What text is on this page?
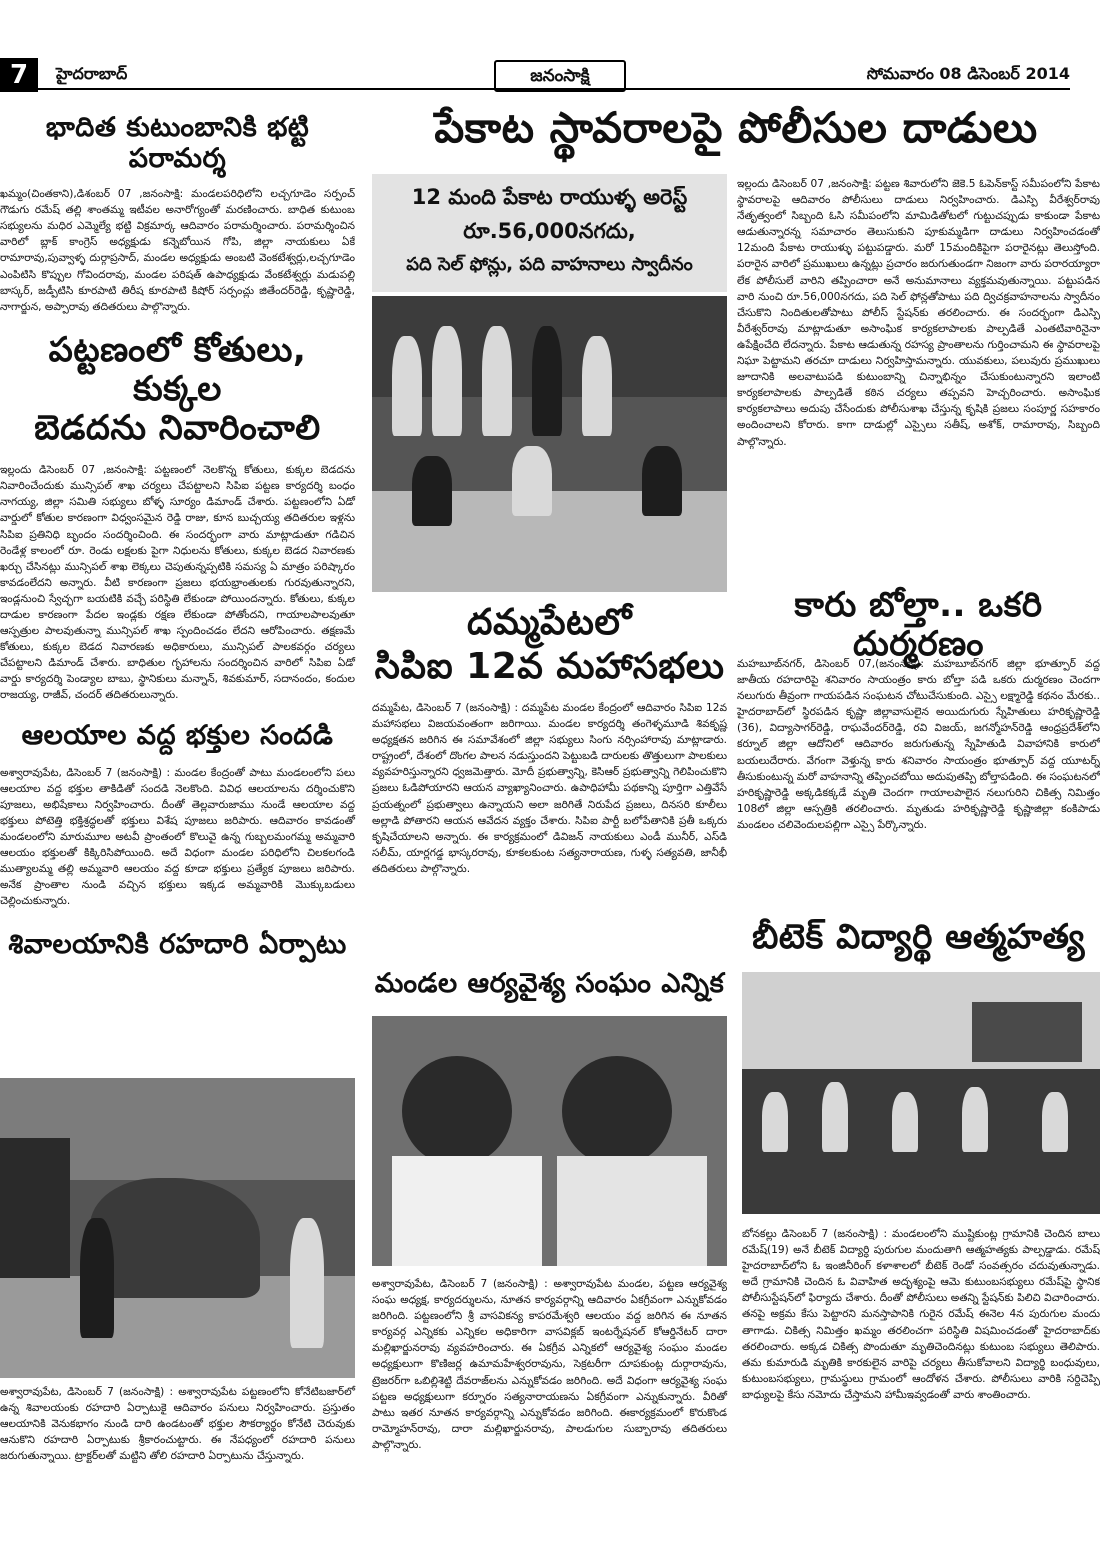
7	హైదరాబాద్	జనంసాక్షి	సోమవారం 08 డిసెంబర్ 2014
పేకాట స్థావరాలపై పోలీసుల దాడులు
భాదిత కుటుంబానికి భట్టి పరామర్శ

ఖమ్మం(చింతకాని),డిశంబర్ 07 ,జనంసాక్షి: మండలపరిధిలోని లచ్చగూడెం సర్పంచ్ గౌడుగు రమేష్ తల్లి శాంతమ్మ ఇటీవల అనారోగ్యంతో మరణించారు. బాధిత కుటుంబ సభ్యులను మధిర ఎమ్మెల్యే భట్టి విక్రమార్క ఆదివారం పరామర్శించారు. పరామర్శించిన వారిలో బ్లాక్ కాంగ్రెస్ అధ్యక్షుడు కన్నెబోయిన గోపి, జిల్లా నాయకులు ఏకే రామారావు,పువ్వాళ్ళ దుర్గాప్రసాద్, మండల అధ్యక్షుడు అంబటి వెంకటేశ్వర్లు,లచ్చగూడెం ఎంపిటిసి కొప్పుల గోవిందరావు, మండల పరిషత్ ఉపాధ్యక్షుడు వేంకటేశ్వర్లు మడుపల్లి బాస్కర్, జడ్పీటిసి కూరపాటి తిరీష కూరపాటి కిషోర్ సర్పంచ్లు జితేందర్‌రెడ్డి, కృష్ణారెడ్డి, నాగార్జున, అప్పారావు తదితరులు పాల్గొన్నారు.

పట్టణంలో కోతులు, కుక్కల
బెడదను నివారించాలి

ఇల్లందు డిసెంబర్ 07 ,జనంసాక్షి: పట్టణంలో నెలకొన్న కోతులు, కుక్కల బెడదను నివారించేందుకు మున్సిపల్ శాఖ చర్యలు చేపట్టాలని సిపిఐ పట్టణ కార్యదర్శి బంధం నాగయ్య, జిల్లా సమితి సభ్యులు బోళ్ళ సూర్యం డిమాండ్ చేశారు. పట్టణంలోని ఏడో వార్డులో కోతుల కారణంగా విధ్వంసమైన రెడ్డి రాజు, కూన బుచ్చయ్య తదితరుల ఇళ్లను సిపిఐ ప్రతినిధి బృందం సందర్శించింది. ఈ సందర్భంగా వారు మాట్లాడుతూ గడిచిన రెండేళ్ల కాలంలో రూ. రెండు లక్షలకు పైగా నిధులను కోతులు, కుక్కల బెడద నివారణకు ఖర్చు చేసినట్లు మున్సిపల్ శాఖ లెక్కలు చెపుతున్నప్పటికి సమస్య ఏ మాత్రం పరిష్కారం కావడంలేదని అన్నారు. వీటి కారణంగా ప్రజలు భయభ్రాంతులకు గురవుతున్నారని, ఇండ్లనుంచి స్వేచ్ఛగా బయటికి వచ్చే పరిస్థితి లేకుండా పోయిందన్నారు. కోతులు, కుక్కల దాడుల కారణంగా పేదల ఇండ్లకు రక్షణ లేకుండా పోతోందని, గాయాలపాలవుతూ ఆస్పత్రుల పాలవుతున్నా మున్సిపల్ శాఖ స్పందించడం లేదని ఆరోపించారు. తక్షణమే కోతులు, కుక్కల బెడద నివారణకు అధికారులు, మున్సిపల్ పాలకవర్గం చర్యలు చేపట్టాలని డిమాండ్ చేశారు. బాధితుల గృహాలను సందర్శించిన వారిలో సిపిఐ ఏడో వార్డు కార్యదర్శి పెండ్యాల బాబు, స్థానికులు మన్నాన్, శివకుమార్, సదానందం, కందుల రాజయ్య, రాజీవ్, చందర్ తదితరులున్నారు.

ఆలయాల వద్ద భక్తుల సందడి

అశ్వారావుపేట, డిసెంబర్ 7 (జనంసాక్షి) : మండల కేంద్రంతో పాటు మండలంలోని పలు ఆలయాల వద్ద భక్తుల తాకిడితో సందడి నెలకొంది. వివిధ ఆలయాలను దర్శించుకొని పూజలు, అభిషేకాలు నిర్వహించారు. దీంతో తెల్లవారుజాము నుండే ఆలయాల వద్ద భక్తులు పోటెత్తి భక్తిశ్రద్ధలతో భక్తులు విశేష పూజలు జరిపారు. ఆదివారం కావడంతో మండలంలోని మారుమూల అటవీ ప్రాంతంలో కొలువై ఉన్న గుబ్బలమంగమ్మ అమ్మవారి ఆలయం భక్తులతో కిక్కిరిసిపోయింది. అదే విధంగా మండల పరిధిలోని చిలకలగండి ముత్యాలమ్మ తల్లి అమ్మవారి ఆలయం వద్ద కూడా భక్తులు ప్రత్యేక పూజలు జరిపారు. అనేక ప్రాంతాల నుండి వచ్చిన భక్తులు ఇక్కడ అమ్మవారికి మొక్కుబడులు చెల్లించుకున్నారు.

శివాలయానికి రహదారి ఏర్పాటు

అశ్వారావుపేట, డిసెంబర్ 7 (జనంసాక్షి) : అశ్వారావుపేట పట్టణంలోని కోనేటిబజార్‌లో ఉన్న శివాలయంకు రహదారి ఏర్పాటుకై ఆదివారం పనులు నిర్వహించారు. ప్రస్తుతం ఆలయానికి వెనుకభాగం నుండి దారి ఉండటంతో భక్తుల సౌకర్యార్థం కోనేటి చెరువుకు ఆనుకొని రహదారి ఏర్పాటుకు శ్రీకారంచుట్టారు. ఈ నేపధ్యంలో రహదారి పనులు జరుగుతున్నాయి. ట్రాక్టర్‌లతో మట్టిని తోలి రహదారి ఏర్పాటును చేస్తున్నారు.

12 మంది పేకాట రాయుళ్ళ అరెస్ట్
రూ.56,000నగదు,
పది సెల్ ఫోన్లు, పది వాహనాలు స్వాదీనం
దమ్మపేటలో
సిపిఐ 12వ మహాసభలు

దమ్మపేట, డిసెంబర్ 7 (జనంసాక్షి) : దమ్మపేట మండల కేంద్రంలో ఆదివారం సిపిఐ 12వ మహాసభలు విజయవంతంగా జరిగాయి. మండల కార్యదర్శి తంగెళ్ళమూడి శివకృష్ణ అధ్యక్షతన జరిగిన ఈ సమావేశంలో జిల్లా సభ్యులు సింగు నర్సింహారావు మాట్లాడారు. రాష్ట్రంలో, దేశంలో దొంగల పాలన నడుస్తుందని పెట్టుబడి దారులకు తొత్తులుగా పాలకులు వ్యవహరిస్తున్నారని ధ్వజమెత్తారు. మోదీ ప్రభుత్వాన్ని, కెసిఆర్ ప్రభుత్వాన్ని గెలిపించుకొని ప్రజలు ఓడిపోయారని ఆయన వ్యాఖ్యానించారు. ఉపాధిహామీ పథకాన్ని పూర్తిగా ఎత్తివేసే ప్రయత్నంలో ప్రభుత్వాలు ఉన్నాయని అలా జరిగితే నిరుపేద ప్రజలు, దినసరి కూలీలు అల్లాడి పోతారని ఆయన ఆవేదన వ్యక్తం చేశారు. సిపిఐ పార్టీ బలోపేతానికి ప్రతీ ఒక్కరు కృషిచేయాలని అన్నారు. ఈ కార్యక్రమంలో డివిజన్ నాయకులు ఎండీ మునీర్, ఎస్‌డి సలీమ్, యార్లగడ్డ భాస్కరరావు, కూకలకుంట సత్యనారాయణ, గుళ్ళ సత్యవతి, జానీభీ తదితరులు పాల్గొన్నారు.

మండల ఆర్యవైశ్య సంఘం ఎన్నిక

అశ్వారావుపేట, డిసెంబర్ 7 (జనంసాక్షి) : అశ్వారావుపేట మండల, పట్టణ ఆర్యవైశ్య సంఘ అధ్యక్ష, కార్యదర్శులను, నూతన కార్యవర్గాన్ని ఆదివారం ఏకగ్రీవంగా ఎన్నుకోవడం జరిగింది. పట్టణంలోని శ్రీ వాసవికన్య కాపరమేశ్వరి ఆలయం వద్ద జరిగిన ఈ నూతన కార్యవర్గ ఎన్నికకు ఎన్నికల అధికారిగా వాసవిక్లబ్ ఇంటర్నేషనల్ కోఆర్డినేటర్ దారా మల్లిఖార్జునరావు వ్యవహరించారు. ఈ ఏకగ్రీవ ఎన్నికలో ఆర్యవైశ్య సంఘం మండల అధ్యక్షులుగా కొణిజర్ల ఉమామహేశ్వరరావును, సెక్రటరీగా దూపకుంట్ల దుర్గారావును, ట్రెజరర్‌గా ఒబిల్లిశెట్టి దేవరాజ్‌లను ఎన్నుకోవడం జరిగింది. అదే విధంగా ఆర్యవైశ్య సంఘ పట్టణ అధ్యక్షులుగా కర్నూరం సత్యనారాయణను ఏకగ్రీవంగా ఎన్నుకున్నారు. వీరితో పాటు ఇతర నూతన కార్యవర్గాన్ని ఎన్నుకోవడం జరిగింది. ఈకార్యక్రమంలో కొరుకొండ రామ్మోహన్‌రావు, దారా మల్లిఖార్జునరావు, పాలడుగుల సుబ్బారావు తదితరులు పాల్గొన్నారు.

ఇల్లందు డిసెంబర్ 07 ,జనంసాక్షి: పట్టణ శివారులోని జెకె.5 ఓపెన్‌కాస్ట్ సమీపంలోని పేకాట స్థావరాలపై ఆదివారం పోలీసులు దాడులు నిర్వహించారు. డిఎస్పి వీరేశ్వర్‌రావు నేతృత్వంలో సిబ్బంది ఓసి సమీపంలోని మామిడితోటలో గుట్టుచప్పుడు కాకుండా పేకాట ఆడుతున్నారన్న సమాచారం తెలుసుకుని పూకుమ్మడిగా దాడులు నిర్వహించడంతో 12మంది పేకాట రాయుళ్ళు పట్టుపడ్డారు. మరో 15మందికిపైగా పరారైనట్లు తెలుస్తోంది. పరారైన వారిలో ప్రముఖులు ఉన్నట్లు ప్రచారం జరుగుతుండగా నిజంగా వారు పరారయ్యారా లేక పోలీసులే వారిని తప్పించారా అనే అనుమానాలు వ్యక్తమవుతున్నాయి. పట్టుపడిన వారి నుంచి రూ.56,000నగదు, పది సెల్ ఫోన్లతోపాటు పది ద్విచక్రవాహనాలను స్వాదీనం చేసుకొని నిందితులతోపాటు పోలీస్ స్టేషన్‌కు తరలించారు. ఈ సందర్భంగా డిఎస్పి వీరేశ్వర్‌రావు మాట్లాడుతూ అసాంఘిక కార్యకలాపాలకు పాల్పడితే ఎంతటివారినైనా ఉపేక్షించేది లేదన్నారు. పేకాట ఆడుతున్న రహస్య ప్రాంతాలను గుర్తించామని ఈ స్థావరాలపై నిఘా పెట్టామని తరచూ దాడులు నిర్వహిస్తామన్నారు. యువకులు, పలువురు ప్రముఖులు జూదానికి అలవాటుపడి కుటుంబాన్ని చిన్నాభిన్నం చేసుకుంటున్నారని ఇలాంటి కార్యకలాపాలకు పాల్పడితే కఠిన చర్యలు తప్పవని హెచ్చరించారు. అసాంఘిక కార్యకలాపాలు అదుపు చేసేందుకు పోలీసుశాఖ చేస్తున్న కృషికి ప్రజలు సంపూర్ణ సహకారం అందించాలని కోరారు. కాగా దాడుల్లో ఎస్సైలు సతీష్, అశోక్, రామారావు, సిబ్బంది పాల్గొన్నారు.

కారు బోల్తా.. ఒకరి దుర్మరణం

మహబూబ్‌నగర్, డిసెంబర్ 07,(జనంసాక్షి): మహబూబ్‌నగర్ జిల్లా భూత్పూర్ వద్ద జాతీయ రహదారిపై శనివారం సాయంత్రం కారు బోల్తా పడి ఒకరు దుర్మరణం చెందగా నలుగురు తీవ్రంగా గాయపడిన సంఘటన చోటుచేసుకుంది. ఎస్సై లక్ష్మారెడ్డి కథనం మేరకు.. హైదరాబాద్‌లో స్థిరపడిన కృష్ణా జిల్లావాసులైన అయిదుగురు స్నేహితులు హరికృష్ణారెడ్డి (36), విద్యాసాగర్‌రెడ్డి, రాఘవేందర్‌రెడ్డి, రవి విజయ్, జగన్మోహన్‌రెడ్డి ఆంధ్రప్రదేశ్‌లోని కర్నూల్ జిల్లా ఆదోనిలో ఆదివారం జరుగుతున్న స్నేహితుడి వివాహానికి కారులో బయలుదేరారు. వేగంగా వెళ్తున్న కారు శనివారం సాయంత్రం భూత్పూర్ వద్ద యూటర్న్ తీసుకుంటున్న మరో వాహనాన్ని తప్పించబోయి అదుపుతప్పి బోల్తాపడింది. ఈ సంఘటనలో హరికృష్ణారెడ్డి అక్కడికక్కడే మృతి చెందగా గాయాలపాలైన నలుగురిని చికిత్స నిమిత్తం 108లో జిల్లా ఆస్పత్రికి తరలించారు. మృతుడు హరికృష్ణారెడ్డి కృష్ణాజిల్లా కంకిపాడు మండలం చలివెందులపల్లిగా ఎస్సై పేర్కొన్నారు.

బీటెక్ విద్యార్థి ఆత్మహత్య

బోనకల్లు డిసెంబర్ 7 (జనంసాక్షి) : మండలంలోని ముష్టికుంట్ల గ్రామానికి చెందిన బాలు రమేష్(19) అనే బీటెక్ విద్యార్ధి పురుగుల మందుతాగి ఆత్మహత్యకు పాల్పడ్డాడు. రమేష్ హైదరాబాద్‌లోని ఓ ఇంజినీరింగ్ కళాశాలలో బీటెక్ రెండో సంవత్సరం చదువుతున్నాడు. అదే గ్రామానికి చెందిన ఓ వివాహిత అదృశ్యంపై ఆమె కుటుంబసభ్యులు రమేష్‌పై స్థానిక పోలీసుస్టేషన్‌లో ఫిర్యాదు చేశారు. దీంతో పోలీసులు అతన్ని స్టేషన్‌కు పిలిచి విచారించారు. తనపై అక్రమ కేసు పెట్టారని మనస్తాపానికి గురైన రమేష్ ఈనెల 4న పురుగుల మందు తాగాడు. చికిత్స నిమిత్తం ఖమ్మం తరలించగా పరిస్థితి విషమించడంతో హైదరాబాద్‌కు తరలించారు. అక్కడ చికిత్స పొందుతూ మృతిచెందినట్లు కుటుంబ సభ్యులు తెలిపారు. తమ కుమారుడి మృతికి కారకులైన వారిపై చర్యలు తీసుకోవాలని విద్యార్థి బంధువులు, కుటుంబసభ్యులు, గ్రామస్థులు గ్రామంలో ఆందోళన చేశారు. పోలీసులు వారికి సర్దిచెప్పి బాధ్యులపై కేసు నమోదు చేస్తామని హామీఇవ్వడంతో వారు శాంతించారు.
